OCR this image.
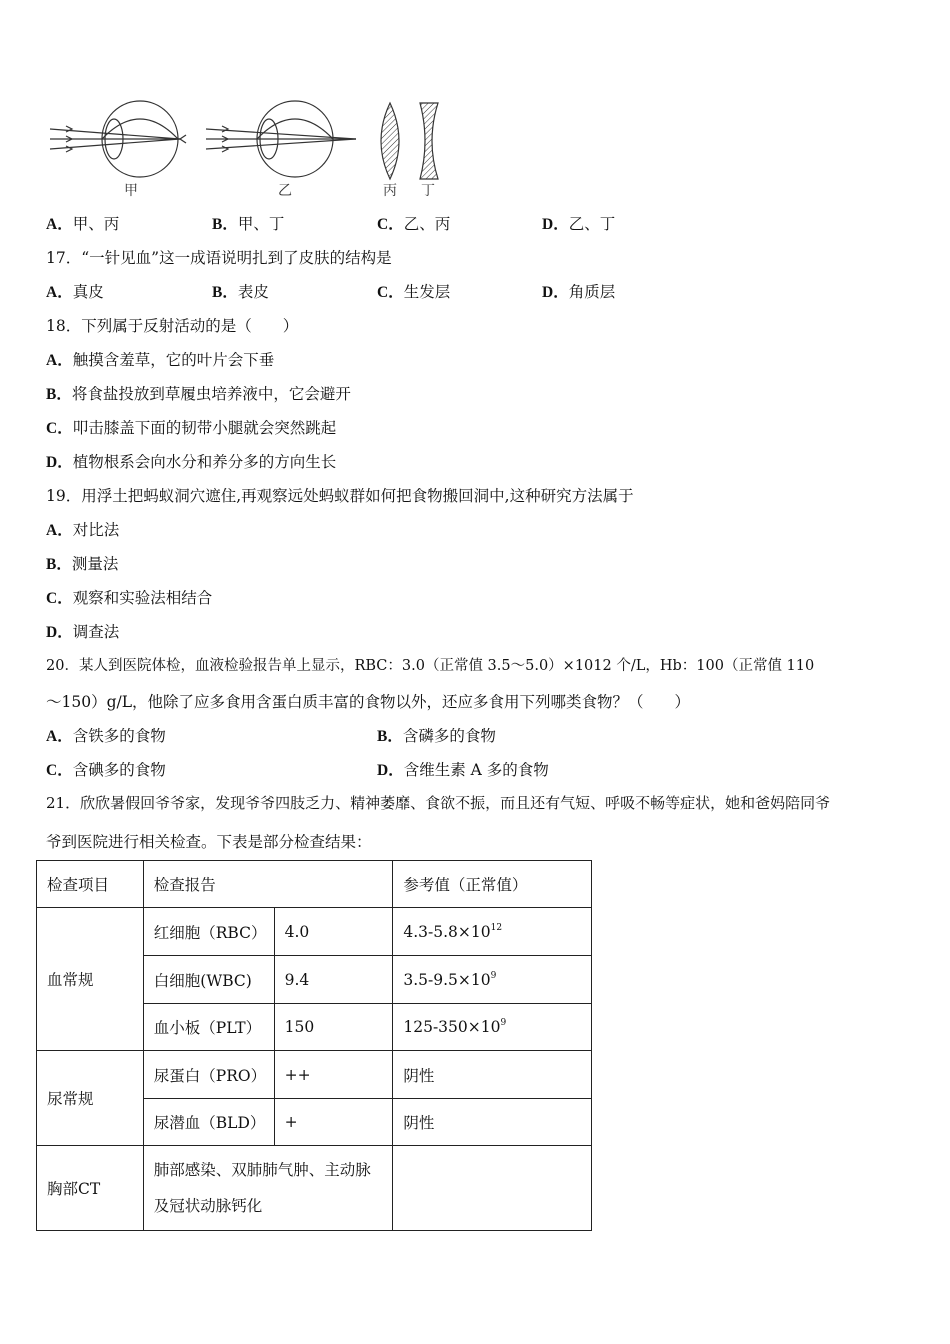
甲	乙	丙 丁
A．甲、丙	B．甲、丁	C．乙、丙	D．乙、丁
17．“一针见血”这一成语说明扎到了皮肤的结构是
A．真皮	B．表皮	C．生发层	D．角质层
18．下列属于反射活动的是（　　）
A．触摸含羞草，它的叶片会下垂
B．将食盐投放到草履虫培养液中，它会避开
C．叩击膝盖下面的韧带小腿就会突然跳起
D．植物根系会向水分和养分多的方向生长
19．用浮土把蚂蚁洞穴遮住,再观察远处蚂蚁群如何把食物搬回洞中,这种研究方法属于
A．对比法
B．测量法
C．观察和实验法相结合
D．调查法
20．某人到医院体检，血液检验报告单上显示，RBC：3.0（正常值 3.5～5.0）×1012 个/L，Hb：100（正常值 110
～150）g/L，他除了应多食用含蛋白质丰富的食物以外，还应多食用下列哪类食物？（　　）
A．含铁多的食物	B．含磷多的食物
C．含碘多的食物	D．含维生素 A 多的食物
21．欣欣暑假回爷爷家，发现爷爷四肢乏力、精神萎靡、食欲不振，而且还有气短、呼吸不畅等症状，她和爸妈陪同爷
爷到医院进行相关检查。下表是部分检查结果：
检查项目	检查报告		参考值（正常值）
血常规	红细胞（RBC）	4.0	$4.3-5.8\times 10^{12}$
	白细胞(WBC)	9.4	$3.5-9.5\times 10^9$
	血小板（PLT）	150	$125-350\times 10^9$
尿常规	尿蛋白（PRO）	++	阴性
	尿潜血（BLD）	+	阴性
胸部CT	肺部感染、双肺肺气肿、主动脉
及冠状动脉钙化		
